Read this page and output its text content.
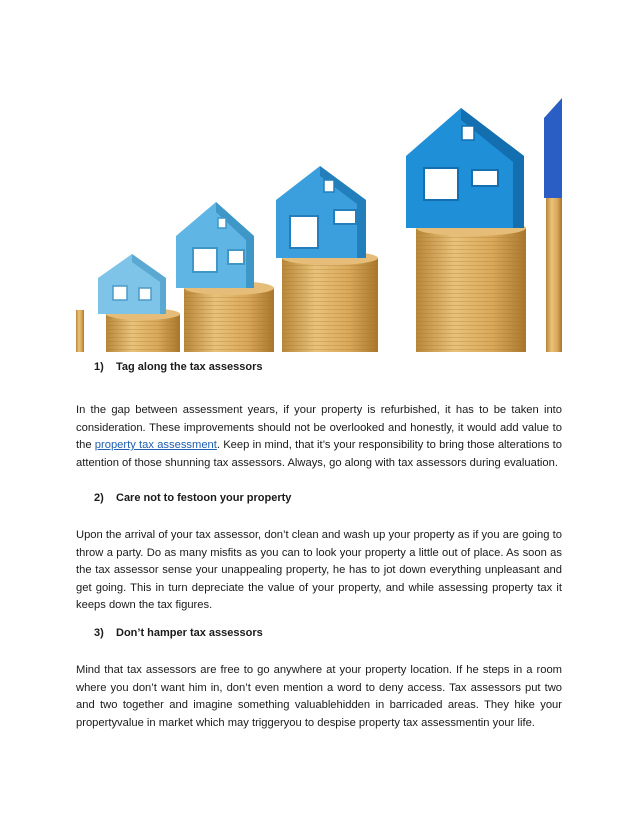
1) Tag along the tax assessors
In the gap between assessment years, if your property is refurbished, it has to be taken into consideration. These improvements should not be overlooked and honestly, it would add value to the property tax assessment. Keep in mind, that it’s your responsibility to bring those alterations to attention of those shunning tax assessors. Always, go along with tax assessors during evaluation.
2) Care not to festoon your property
Upon the arrival of your tax assessor, don’t clean and wash up your property as if you are going to throw a party. Do as many misfits as you can to look your property a little out of place. As soon as the tax assessor sense your unappealing property, he has to jot down everything unpleasant and get going. This in turn depreciate the value of your property, and while assessing property tax it keeps down the tax figures.
3) Don’t hamper tax assessors
Mind that tax assessors are free to go anywhere at your property location. If he steps in a room where you don’t want him in, don’t even mention a word to deny access. Tax assessors put two and two together and imagine something valuablehidden in barricaded areas. They hike your propertyvalue in market which may triggeryou to despise property tax assessmentin your life.
